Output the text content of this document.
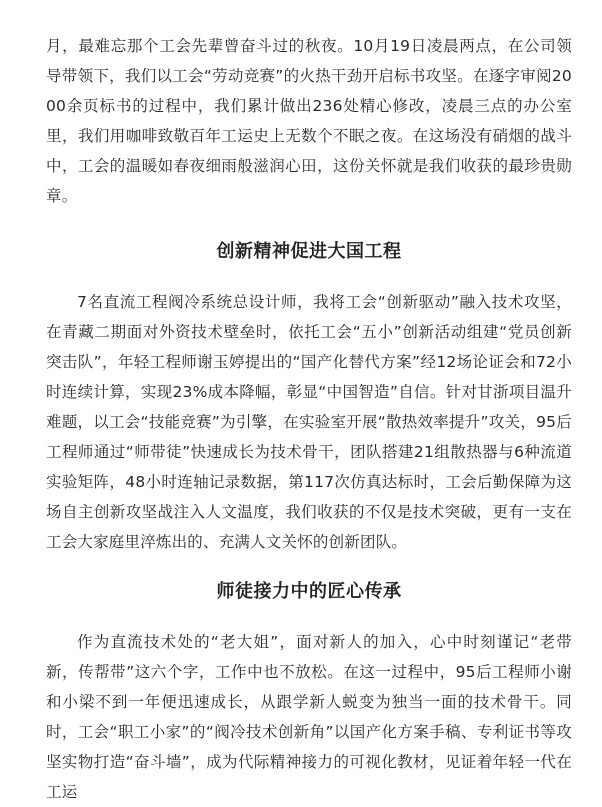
月，最难忘那个工会先辈曾奋斗过的秋夜。10月19日凌晨两点，在公司领导带领下，我们以工会“劳动竞赛”的火热干劲开启标书攻坚。在逐字审阅2000余页标书的过程中，我们累计做出236处精心修改，凌晨三点的办公室里，我们用咖啡致敬百年工运史上无数个不眠之夜。在这场没有硝烟的战斗中，工会的温暖如春夜细雨般滋润心田，这份关怀就是我们收获的最珍贵勋章。

创新精神促进大国工程

7名直流工程阀冷系统总设计师，我将工会“创新驱动”融入技术攻坚，在青藏二期面对外资技术壁垒时，依托工会“五小”创新活动组建“党员创新突击队”，年轻工程师谢玉婷提出的“国产化替代方案”经12场论证会和72小时连续计算，实现23%成本降幅，彰显“中国智造”自信。针对甘浙项目温升难题，以工会“技能竞赛”为引擎，在实验室开展“散热效率提升”攻关，95后工程师通过“师带徒”快速成长为技术骨干，团队搭建21组散热器与6种流道实验矩阵，48小时连轴记录数据，第117次仿真达标时，工会后勤保障为这场自主创新攻坚战注入人文温度，我们收获的不仅是技术突破，更有一支在工会大家庭里淬炼出的、充满人文关怀的创新团队。

师徒接力中的匠心传承

作为直流技术处的“老大姐”，面对新人的加入，心中时刻谨记“老带新，传帮带”这六个字，工作中也不放松。在这一过程中，95后工程师小谢和小梁不到一年便迅速成长，从跟学新人蜕变为独当一面的技术骨干。同时，工会“职工小家”的“阀冷技术创新角”以国产化方案手稿、专利证书等攻坚实物打造“奋斗墙”，成为代际精神接力的可视化教材，见证着年轻一代在工运
